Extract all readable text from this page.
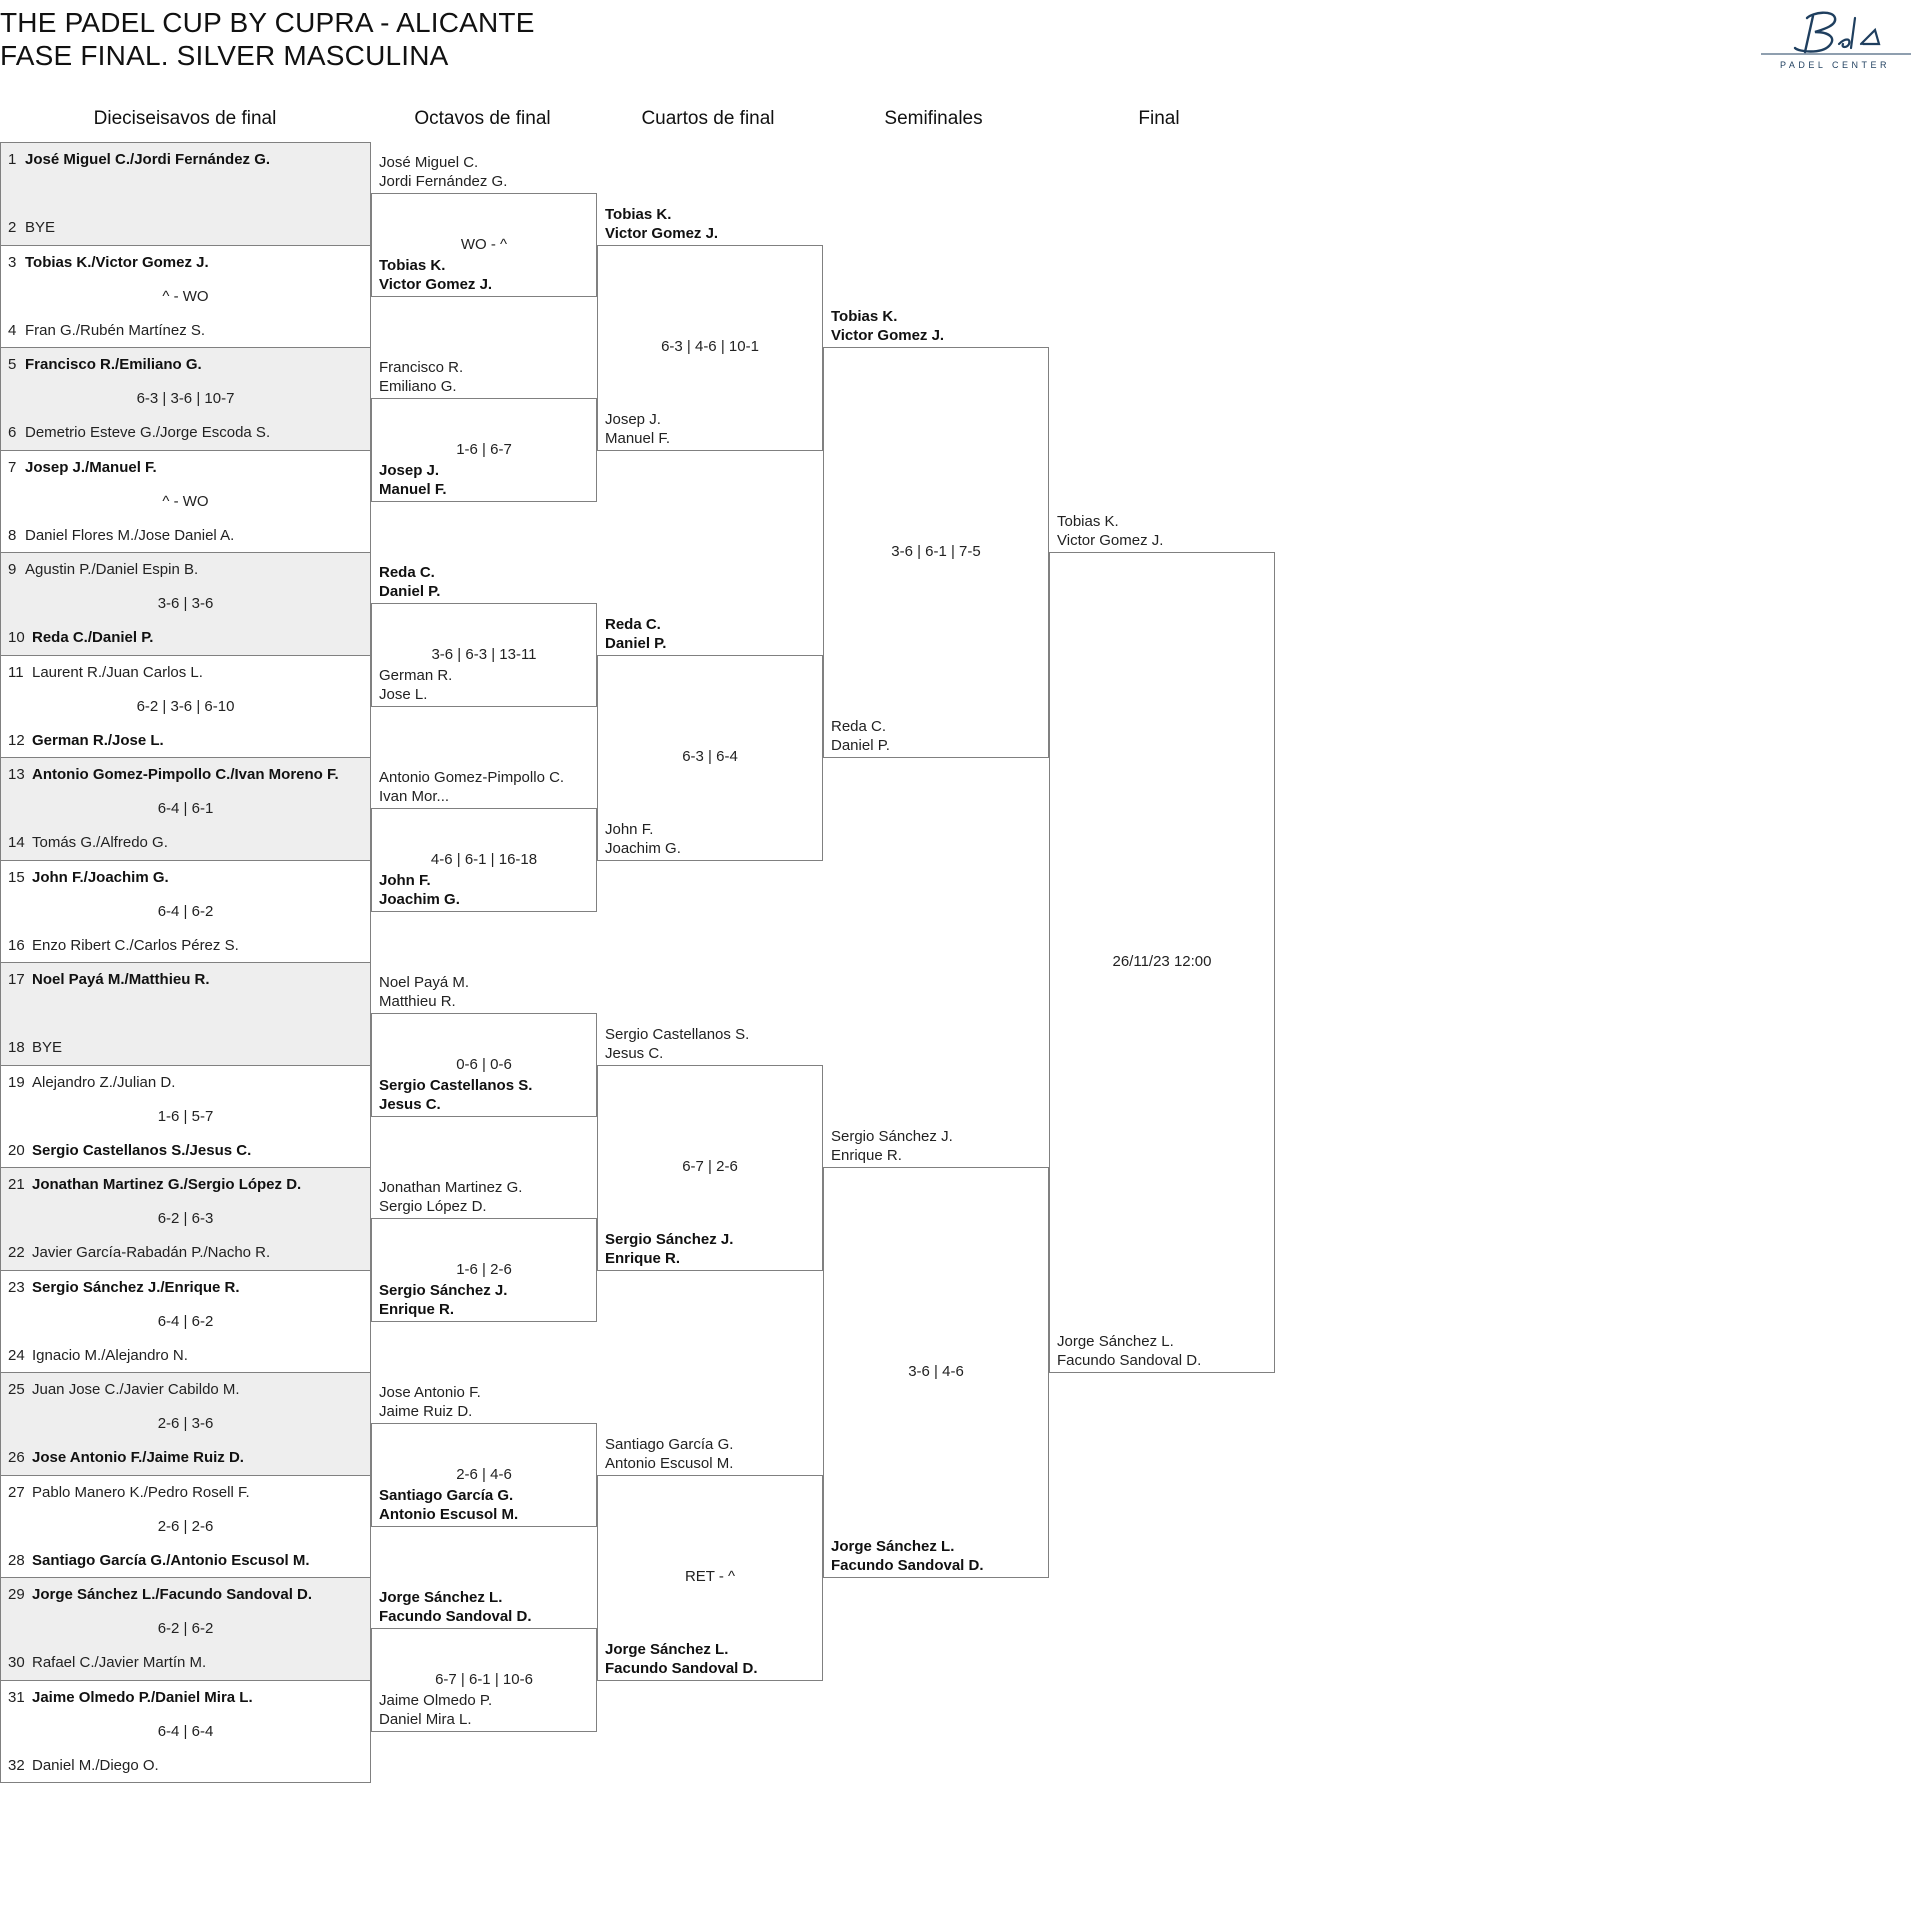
THE PADEL CUP BY CUPRA - ALICANTE
FASE FINAL. SILVER MASCULINA	PADEL CENTER
Dieciseisavos de final	Octavos de final	Cuartos de final	Semifinales	Final
1 José Miguel C./Jordi Fernández G.
2 BYE
3 Tobias K./Victor Gomez J.
^ - WO
4 Fran G./Rubén Martínez S.
5 Francisco R./Emiliano G.
6-3 | 3-6 | 10-7
6 Demetrio Esteve G./Jorge Escoda S.
7 Josep J./Manuel F.
^ - WO
8 Daniel Flores M./Jose Daniel A.
9 Agustin P./Daniel Espin B.
3-6 | 3-6
10 Reda C./Daniel P.
11 Laurent R./Juan Carlos L.
6-2 | 3-6 | 6-10
12 German R./Jose L.
13 Antonio Gomez-Pimpollo C./Ivan Moreno F.
6-4 | 6-1
14 Tomás G./Alfredo G.
15 John F./Joachim G.
6-4 | 6-2
16 Enzo Ribert C./Carlos Pérez S.
17 Noel Payá M./Matthieu R.
18 BYE
19 Alejandro Z./Julian D.
1-6 | 5-7
20 Sergio Castellanos S./Jesus C.
21 Jonathan Martinez G./Sergio López D.
6-2 | 6-3
22 Javier García-Rabadán P./Nacho R.
23 Sergio Sánchez J./Enrique R.
6-4 | 6-2
24 Ignacio M./Alejandro N.
25 Juan Jose C./Javier Cabildo M.
2-6 | 3-6
26 Jose Antonio F./Jaime Ruiz D.
27 Pablo Manero K./Pedro Rosell F.
2-6 | 2-6
28 Santiago García G./Antonio Escusol M.
29 Jorge Sánchez L./Facundo Sandoval D.
6-2 | 6-2
30 Rafael C./Javier Martín M.
31 Jaime Olmedo P./Daniel Mira L.
6-4 | 6-4
32 Daniel M./Diego O.
José Miguel C.
Jordi Fernández G.
WO - ^
Tobias K.
Victor Gomez J.
Francisco R.
Emiliano G.
1-6 | 6-7
Josep J.
Manuel F.
Reda C.
Daniel P.
3-6 | 6-3 | 13-11
German R.
Jose L.
Antonio Gomez-Pimpollo C.
Ivan Mor...
4-6 | 6-1 | 16-18
John F.
Joachim G.
Noel Payá M.
Matthieu R.
0-6 | 0-6
Sergio Castellanos S.
Jesus C.
Jonathan Martinez G.
Sergio López D.
1-6 | 2-6
Sergio Sánchez J.
Enrique R.
Jose Antonio F.
Jaime Ruiz D.
2-6 | 4-6
Santiago García G.
Antonio Escusol M.
Jorge Sánchez L.
Facundo Sandoval D.
6-7 | 6-1 | 10-6
Jaime Olmedo P.
Daniel Mira L.
Tobias K.
Victor Gomez J.
6-3 | 4-6 | 10-1
Josep J.
Manuel F.
Reda C.
Daniel P.
6-3 | 6-4
John F.
Joachim G.
Sergio Castellanos S.
Jesus C.
6-7 | 2-6
Sergio Sánchez J.
Enrique R.
Santiago García G.
Antonio Escusol M.
RET - ^
Jorge Sánchez L.
Facundo Sandoval D.
Tobias K.
Victor Gomez J.
3-6 | 6-1 | 7-5
Reda C.
Daniel P.
Sergio Sánchez J.
Enrique R.
3-6 | 4-6
Jorge Sánchez L.
Facundo Sandoval D.
Tobias K.
Victor Gomez J.
26/11/23 12:00
Jorge Sánchez L.
Facundo Sandoval D.
